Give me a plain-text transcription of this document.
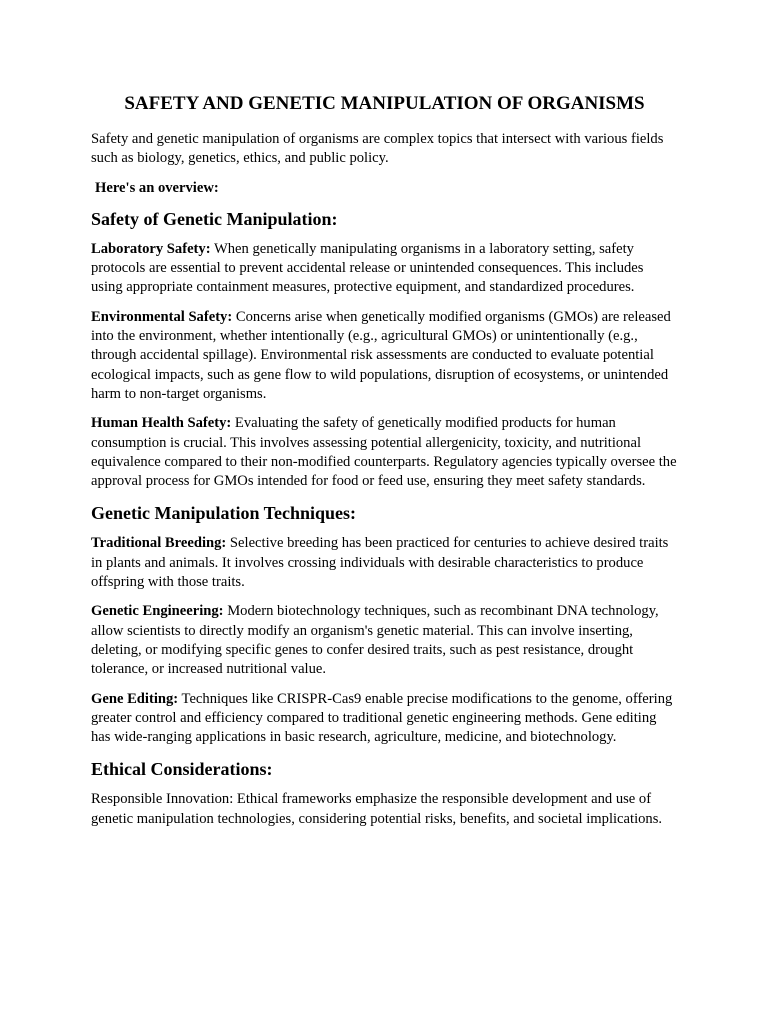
SAFETY AND GENETIC MANIPULATION OF ORGANISMS

Safety and genetic manipulation of organisms are complex topics that intersect with various fields such as biology, genetics, ethics, and public policy.

Here's an overview:

Safety of Genetic Manipulation:

Laboratory Safety: When genetically manipulating organisms in a laboratory setting, safety protocols are essential to prevent accidental release or unintended consequences. This includes using appropriate containment measures, protective equipment, and standardized procedures.

Environmental Safety: Concerns arise when genetically modified organisms (GMOs) are released into the environment, whether intentionally (e.g., agricultural GMOs) or unintentionally (e.g., through accidental spillage). Environmental risk assessments are conducted to evaluate potential ecological impacts, such as gene flow to wild populations, disruption of ecosystems, or unintended harm to non-target organisms.

Human Health Safety: Evaluating the safety of genetically modified products for human consumption is crucial. This involves assessing potential allergenicity, toxicity, and nutritional equivalence compared to their non-modified counterparts. Regulatory agencies typically oversee the approval process for GMOs intended for food or feed use, ensuring they meet safety standards.

Genetic Manipulation Techniques:

Traditional Breeding: Selective breeding has been practiced for centuries to achieve desired traits in plants and animals. It involves crossing individuals with desirable characteristics to produce offspring with those traits.

Genetic Engineering: Modern biotechnology techniques, such as recombinant DNA technology, allow scientists to directly modify an organism's genetic material. This can involve inserting, deleting, or modifying specific genes to confer desired traits, such as pest resistance, drought tolerance, or increased nutritional value.

Gene Editing: Techniques like CRISPR-Cas9 enable precise modifications to the genome, offering greater control and efficiency compared to traditional genetic engineering methods. Gene editing has wide-ranging applications in basic research, agriculture, medicine, and biotechnology.

Ethical Considerations:

Responsible Innovation: Ethical frameworks emphasize the responsible development and use of genetic manipulation technologies, considering potential risks, benefits, and societal implications.
